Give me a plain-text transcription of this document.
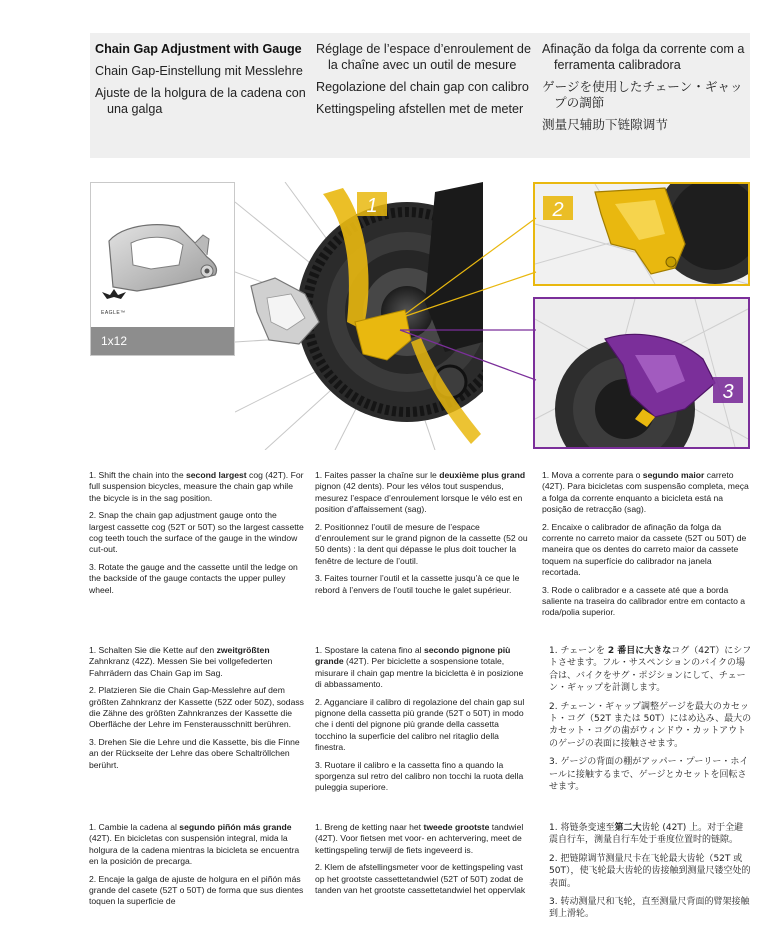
Chain Gap Adjustment with Gauge
Chain Gap-Einstellung mit Messlehre
Ajuste de la holgura de la cadena con una galga
Réglage de l’espace d’enroulement de la chaîne avec un outil de mesure
Regolazione del chain gap con calibro
Kettingspeling afstellen met de meter
Afinação da folga da corrente com a ferramenta calibradora
ゲージを使用したチェーン・ギャップの調節
测量尺辅助下链隙调节
EAGLE™
1x12
1	2
3

1. Shift the chain into the second largest cog (42T). For full suspension bicycles, measure the chain gap while the bicycle is in the sag position.

2. Snap the chain gap adjustment gauge onto the largest cassette cog (52T or 50T) so the largest cassette cog teeth touch the surface of the gauge in the window cut-out.

3. Rotate the gauge and the cassette until the ledge on the backside of the gauge contacts the upper pulley wheel.

1. Faites passer la chaîne sur le deuxième plus grand pignon (42 dents). Pour les vélos tout suspendus, mesurez l’espace d’enroulement lorsque le vélo est en position d’affaissement (sag).

2. Positionnez l’outil de mesure de l’espace d’enroulement sur le grand pignon de la cassette (52 ou 50 dents) : la dent qui dépasse le plus doit toucher la fenêtre de lecture de l’outil.

3. Faites tourner l’outil et la cassette jusqu’à ce que le rebord à l’envers de l’outil touche le galet supérieur.

1. Mova a corrente para o segundo maior carreto (42T). Para bicicletas com suspensão completa, meça a folga da corrente enquanto a bicicleta está na posição de retracção (sag).

2. Encaixe o calibrador de afinação da folga da corrente no carreto maior da cassete (52T ou 50T) de maneira que os dentes do carreto maior da cassete toquem na superfície do calibrador na janela recortada.

3. Rode o calibrador e a cassete até que a borda saliente na traseira do calibrador entre em contacto a roda/polia superior.

1. Schalten Sie die Kette auf den zweitgrößten Zahnkranz (42Z). Messen Sie bei vollgefederten Fahrrädern das Chain Gap im Sag.

2. Platzieren Sie die Chain Gap-Messlehre auf dem größten Zahnkranz der Kassette (52Z oder 50Z), sodass die Zähne des größten Zahnkranzes der Kassette die Oberfläche der Lehre im Fensterausschnitt berühren.

3. Drehen Sie die Lehre und die Kassette, bis die Finne an der Rückseite der Lehre das obere Schaltröllchen berührt.

1. Spostare la catena fino al secondo pignone più grande (42T). Per biciclette a sospensione totale, misurare il chain gap mentre la bicicletta è in posizione di abbassamento.

2. Agganciare il calibro di regolazione del chain gap sul pignone della cassetta più grande (52T o 50T) in modo che i denti del pignone più grande della cassetta tocchino la superficie del calibro nel ritaglio della finestra.

3. Ruotare il calibro e la cassetta fino a quando la sporgenza sul retro del calibro non tocchi la ruota della puleggia superiore.

1. チェーンを 2 番目に大きなコグ（42T）にシフトさせます。フル・サスペンションのバイクの場合は、バイクをサグ・ポジションにして、チェーン・ギャップを計測します。

2. チェーン・ギャップ調整ゲージを最大のカセット・コグ（52T または 50T）にはめ込み、最大のカセット・コグの歯がウィンドウ・カットアウトのゲージの表面に接触させます。

3. ゲージの背面の棚がアッパー・プーリー・ホイールに接触するまで、ゲージとカセットを回転させます。

1. Cambie la cadena al segundo piñón más grande (42T). En bicicletas con suspensión integral, mida la holgura de la cadena mientras la bicicleta se encuentra en la posición de precarga.

2. Encaje la galga de ajuste de holgura en el piñón más grande del casete (52T o 50T) de forma que sus dientes toquen la superficie de

1. Breng de ketting naar het tweede grootste tandwiel (42T). Voor fietsen met voor- en achtervering, meet de kettingspeling terwijl de fiets ingeveerd is.

2. Klem de afstellingsmeter voor de kettingspeling vast op het grootste cassettetandwiel (52T of 50T) zodat de tanden van het grootste cassettetandwiel het oppervlak

1. 将链条变速至第二大齿轮 (42T) 上。对于全避震自行车，测量自行车处于垂度位置时的链隙。

2. 把链隙调节测量尺卡在飞轮最大齿轮（52T 或 50T），使飞轮最大齿轮的齿接触到测量尺镂空处的表面。

3. 转动测量尺和飞轮，直至测量尺背面的臂架接触到上滑轮。
